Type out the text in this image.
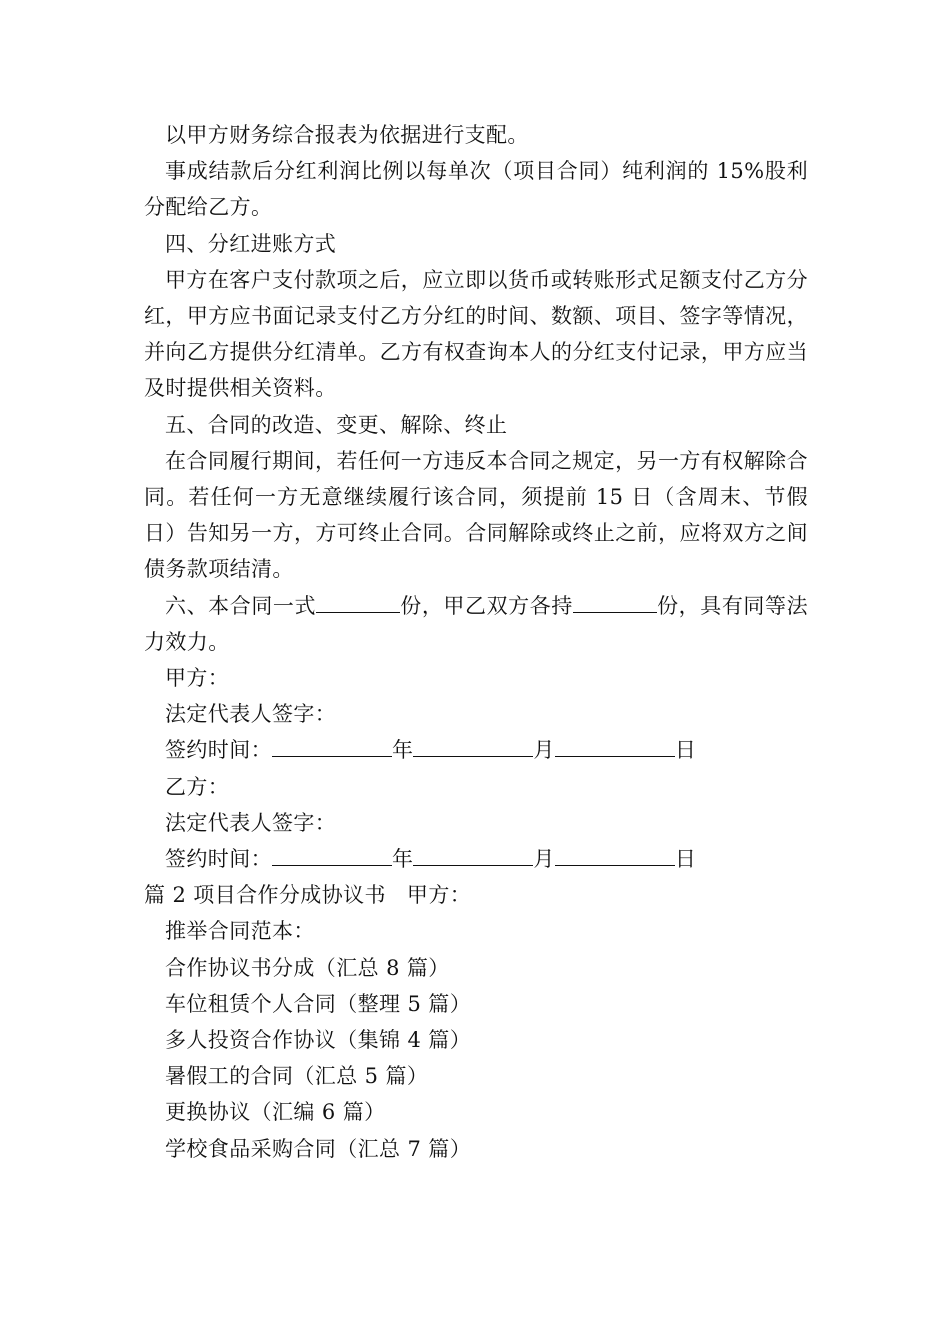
以甲方财务综合报表为依据进行支配。

事成结款后分红利润比例以每单次（项目合同）纯利润的 15%股利分配给乙方。

四、分红进账方式

甲方在客户支付款项之后，应立即以货币或转账形式足额支付乙方分红，甲方应书面记录支付乙方分红的时间、数额、项目、签字等情况，并向乙方提供分红清单。乙方有权查询本人的分红支付记录，甲方应当及时提供相关资料。

五、合同的改造、变更、解除、终止

在合同履行期间，若任何一方违反本合同之规定，另一方有权解除合同。若任何一方无意继续履行该合同，须提前 15 日（含周末、节假日）告知另一方，方可终止合同。合同解除或终止之前，应将双方之间债务款项结清。

六、本合同一式	份，甲乙双方各持	份，具有同等法力效力。

甲方：

法定代表人签字：

签约时间：	年	月	日

乙方：

法定代表人签字：

签约时间：	年	月	日

篇 2 项目合作分成协议书 甲方：

推举合同范本：

合作协议书分成（汇总 8 篇）

车位租赁个人合同（整理 5 篇）

多人投资合作协议（集锦 4 篇）

暑假工的合同（汇总 5 篇）

更换协议（汇编 6 篇）

学校食品采购合同（汇总 7 篇）
